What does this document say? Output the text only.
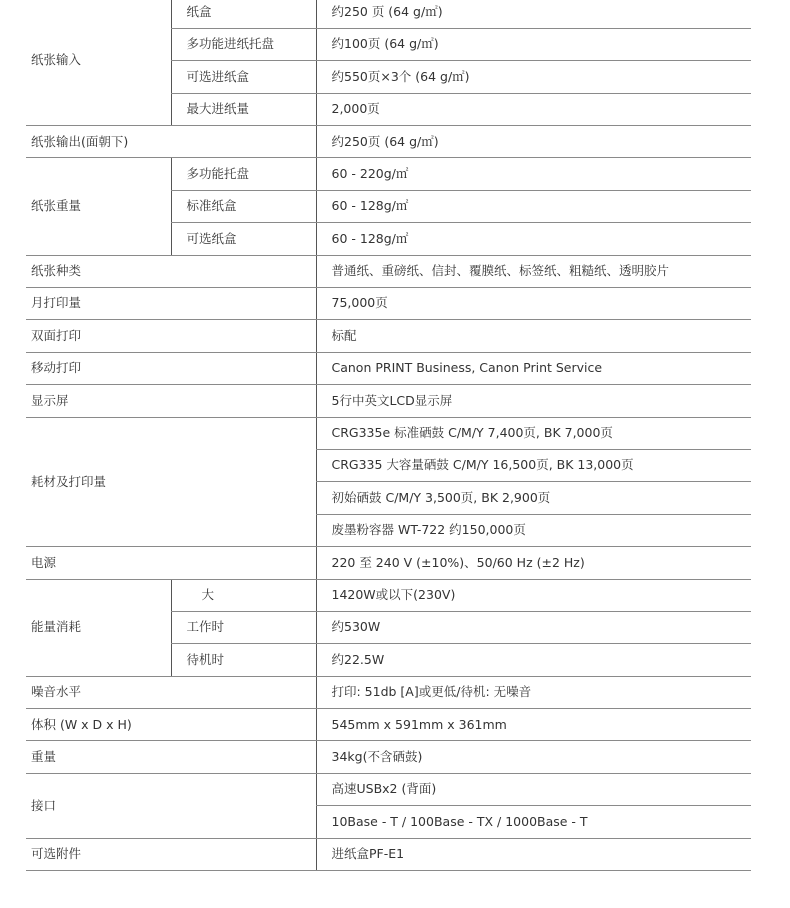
纸张输入	纸盒	约250 页 (64 g/㎡)
	多功能进纸托盘	约100页 (64 g/㎡)
	可选进纸盒	约550页×3个 (64 g/㎡)
	最大进纸量	2,000页
纸张输出(面朝下)		约250页 (64 g/㎡)
纸张重量	多功能托盘	60 - 220g/㎡
	标准纸盒	60 - 128g/㎡
	可选纸盒	60 - 128g/㎡
纸张种类		普通纸、重磅纸、信封、覆膜纸、标签纸、粗糙纸、透明胶片
月打印量		75,000页
双面打印		标配
移动打印		Canon PRINT Business, Canon Print Service
显示屏		5行中英文LCD显示屏
耗材及打印量		CRG335e 标准硒鼓 C/M/Y 7,400页, BK 7,000页
		CRG335 大容量硒鼓 C/M/Y 16,500页, BK 13,000页
		初始硒鼓 C/M/Y 3,500页, BK 2,900页
		废墨粉容器 WT-722 约150,000页
电源		220 至 240 V (±10%)、50/60 Hz (±2 Hz)
能量消耗	大	1420W或以下(230V)
	工作时	约530W
	待机时	约22.5W
噪音水平		打印: 51db [A]或更低/待机: 无噪音
体积 (W x D x H)		545mm x 591mm x 361mm
重量		34kg(不含硒鼓)
接口		高速USBx2 (背面)
		10Base - T / 100Base - TX / 1000Base - T
可选附件		进纸盒PF-E1
